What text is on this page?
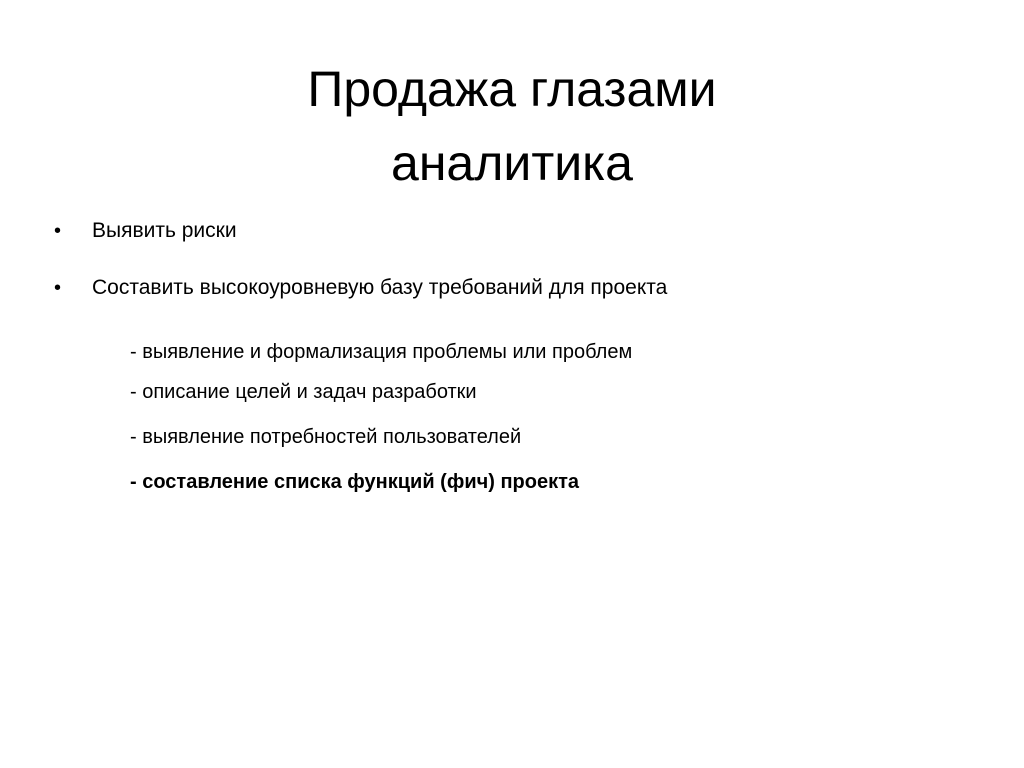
Продажа глазами
аналитика
• Выявить риски
• Составить высокоуровневую базу требований для проекта
- выявление и формализация проблемы или проблем
- описание целей и задач разработки
- выявление потребностей пользователей
- составление списка функций (фич) проекта
